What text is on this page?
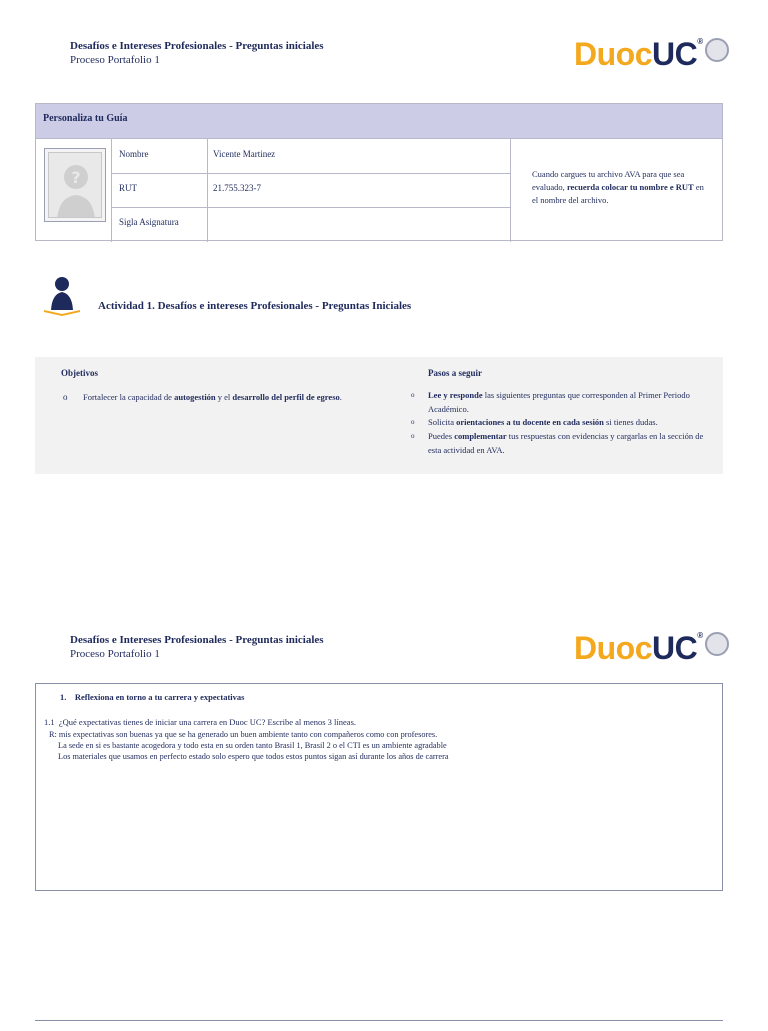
Desafíos e Intereses Profesionales - Preguntas iniciales
Proceso Portafolio 1	DuocUC®
Personaliza tu Guía
?
Nombre	Vicente Martinez
RUT	21.755.323-7
Sigla Asignatura
Cuando cargues tu archivo AVA para que sea evaluado, recuerda colocar tu nombre e RUT en el nombre del archivo.
Actividad 1. Desafíos e intereses Profesionales - Preguntas Iniciales
Objetivos
o Fortalecer la capacidad de autogestión y el desarrollo del perfil de egreso.
Pasos a seguir
o Lee y responde las siguientes preguntas que corresponden al Primer Periodo Académico.
o Solicita orientaciones a tu docente en cada sesión si tienes dudas.
o Puedes complementar tus respuestas con evidencias y cargarlas en la sección de esta actividad en AVA.
Desafíos e Intereses Profesionales - Preguntas iniciales
Proceso Portafolio 1	DuocUC®
1. Reflexiona en torno a tu carrera y expectativas
1.1 ¿Qué expectativas tienes de iniciar una carrera en Duoc UC? Escribe al menos 3 líneas.
R: mis expectativas son buenas ya que se ha generado un buen ambiente tanto con compañeros como con profesores.
La sede en si es bastante acogedora y todo esta en su orden tanto Brasil 1, Brasil 2 o el CTI es un ambiente agradable
Los materiales que usamos en perfecto estado solo espero que todos estos puntos sigan así durante los años de carrera
